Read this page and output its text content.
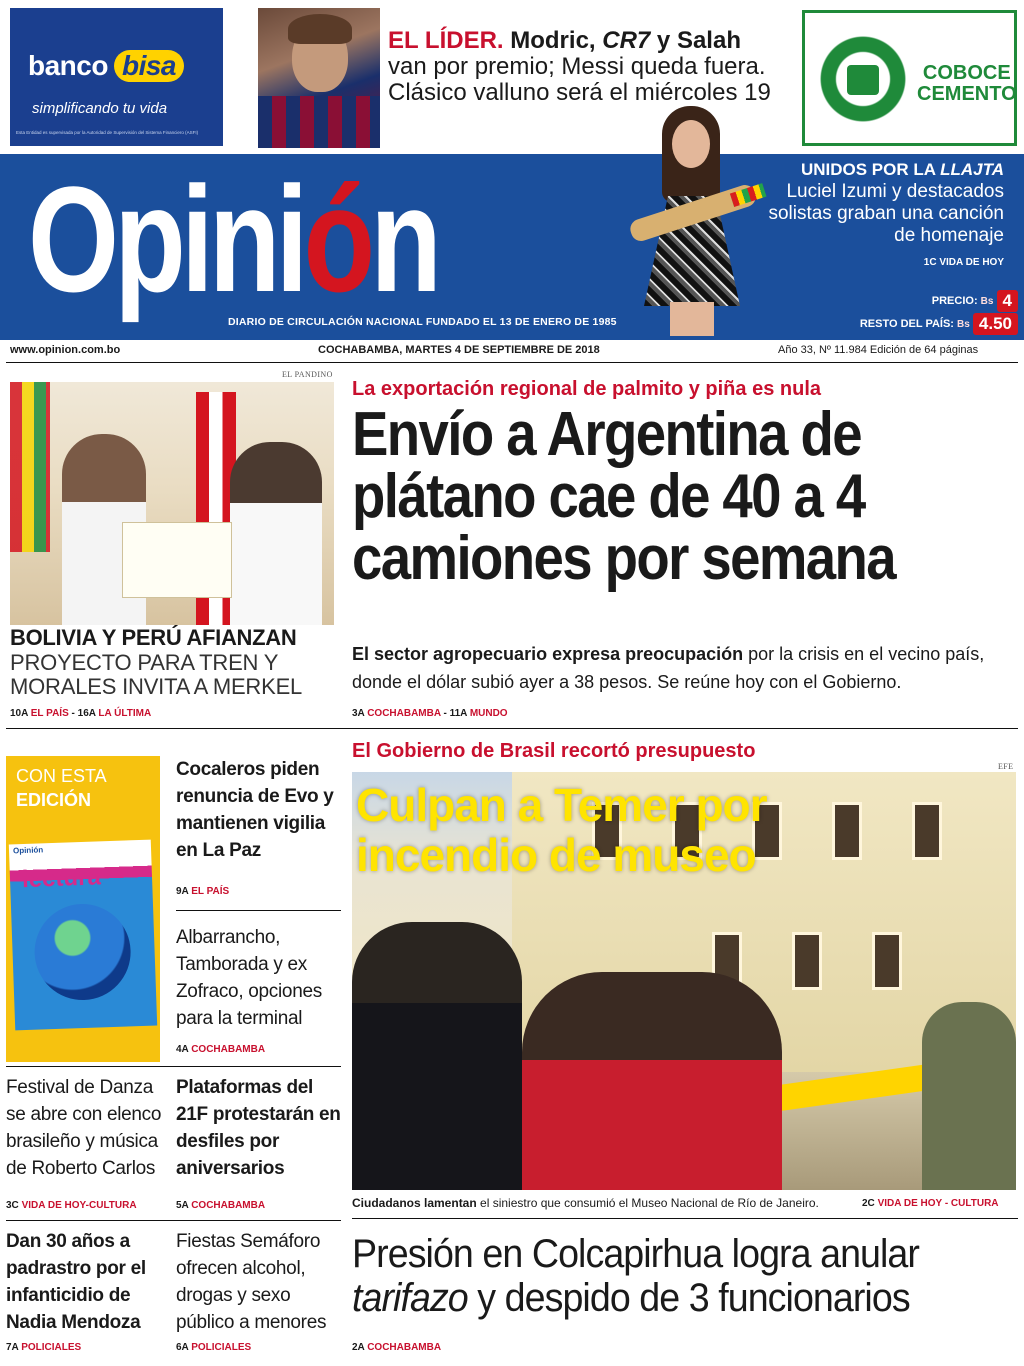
banco bisa
simplificando tu vida
Esta Entidad es supervisada por la Autoridad de Supervisión del Sistema Financiero (ASFI)
EL LÍDER. Modric, CR7 y Salah
van por premio; Messi queda fuera.
Clásico valluno será el miércoles 19
COBOCE
CEMENTO
Opinión
DIARIO DE CIRCULACIÓN NACIONAL FUNDADO EL 13 DE ENERO DE 1985
UNIDOS POR LA LLAJTA
Luciel Izumi y destacados solistas graban una canción de homenaje
1C VIDA DE HOY
PRECIO: Bs 4
RESTO DEL PAÍS: Bs 4.50
www.opinion.com.bo	COCHABAMBA, MARTES 4 DE SEPTIEMBRE DE 2018	Año 33, Nº 11.984 Edición de 64 páginas
EL PANDINO
BOLIVIA Y PERÚ AFIANZAN
PROYECTO PARA TREN Y MORALES INVITA A MERKEL
10A EL PAÍS - 16A LA ÚLTIMA
La exportación regional de palmito y piña es nula
Envío a Argentina de plátano cae de 40 a 4 camiones por semana
El sector agropecuario expresa preocupación por la crisis en el vecino país, donde el dólar subió ayer a 38 pesos. Se reúne hoy con el Gobierno.
3A COCHABAMBA - 11A MUNDO
CON ESTA
EDICIÓN
Opinión
lectura
Cocaleros piden renuncia de Evo y mantienen vigilia en La Paz
9A EL PAÍS
Albarrancho, Tamborada y ex Zofraco, opciones para la terminal
4A COCHABAMBA
Festival de Danza se abre con elenco brasileño y música de Roberto Carlos
3C VIDA DE HOY-CULTURA
Plataformas del 21F protestarán en desfiles por aniversarios
5A COCHABAMBA
Dan 30 años a padrastro por el infanticidio de Nadia Mendoza
7A POLICIALES
Fiestas Semáforo ofrecen alcohol, drogas y sexo público a menores
6A POLICIALES
El Gobierno de Brasil recortó presupuesto
EFE
Culpan a Temer por incendio de museo
Ciudadanos lamentan el siniestro que consumió el Museo Nacional de Río de Janeiro.	2C VIDA DE HOY - CULTURA
Presión en Colcapirhua logra anular
tarifazo y despido de 3 funcionarios
2A COCHABAMBA
